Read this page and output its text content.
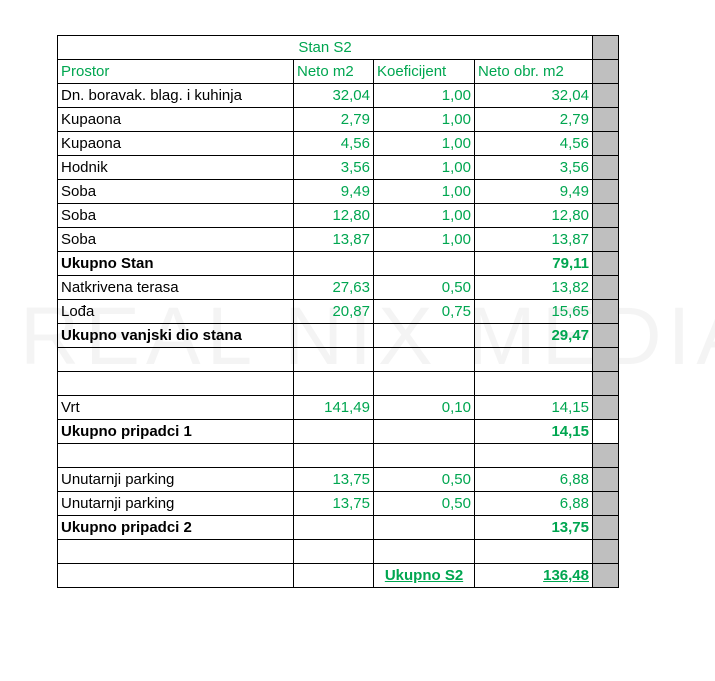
Stan S2				
Prostor	Neto m2	Koeficijent	Neto obr. m2	
Dn. boravak. blag. i kuhinja	32,04	1,00	32,04	
Kupaona	2,79	1,00	2,79	
Kupaona	4,56	1,00	4,56	
Hodnik	3,56	1,00	3,56	
Soba	9,49	1,00	9,49	
Soba	12,80	1,00	12,80	
Soba	13,87	1,00	13,87	
Ukupno Stan			79,11	
Natkrivena terasa	27,63	0,50	13,82	
Lođa	20,87	0,75	15,65	
Ukupno vanjski dio stana			29,47	

Vrt	141,49	0,10	14,15	
Ukupno pripadci 1			14,15	

Unutarnji parking	13,75	0,50	6,88	
Unutarnji parking	13,75	0,50	6,88	
Ukupno pripadci 2			13,75	

		Ukupno S2	136,48	
